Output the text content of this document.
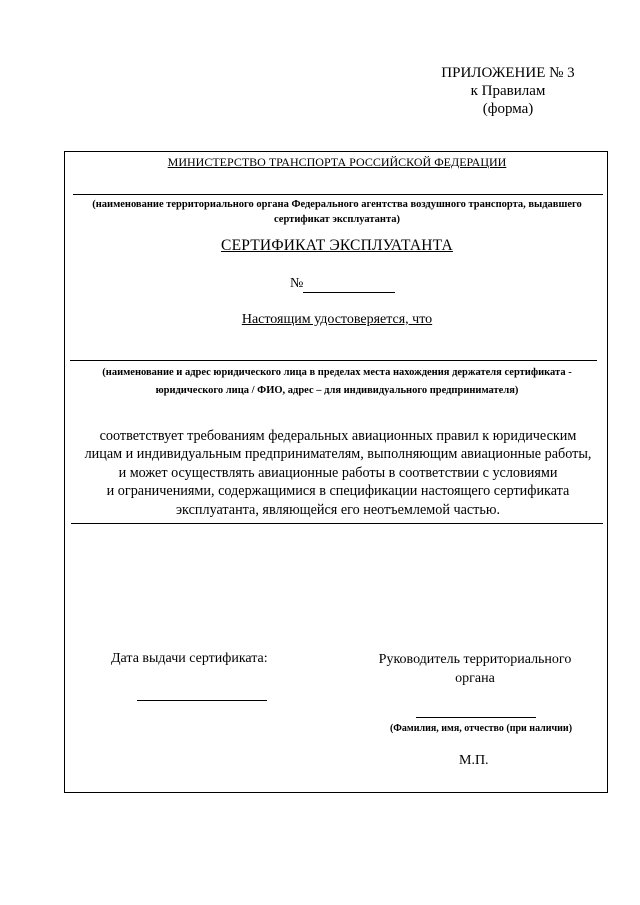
ПРИЛОЖЕНИЕ № 3
к Правилам
(форма)
МИНИСТЕРСТВО ТРАНСПОРТА РОССИЙСКОЙ ФЕДЕРАЦИИ
(наименование территориального органа Федерального агентства воздушного транспорта, выдавшего
сертификат эксплуатанта)
СЕРТИФИКАТ ЭКСПЛУАТАНТА
№
Настоящим удостоверяется, что
(наименование и адрес юридического лица в пределах места нахождения держателя сертификата -
юридического лица / ФИО, адрес – для индивидуального предпринимателя)
соответствует требованиям федеральных авиационных правил к юридическим
лицам и индивидуальным предпринимателям, выполняющим авиационные работы,
и может осуществлять авиационные работы в соответствии с условиями
и ограничениями, содержащимися в спецификации настоящего сертификата
эксплуатанта, являющейся его неотъемлемой частью.
Дата выдачи сертификата:	Руководитель территориального
органа
(Фамилия, имя, отчество (при наличии)
М.П.
